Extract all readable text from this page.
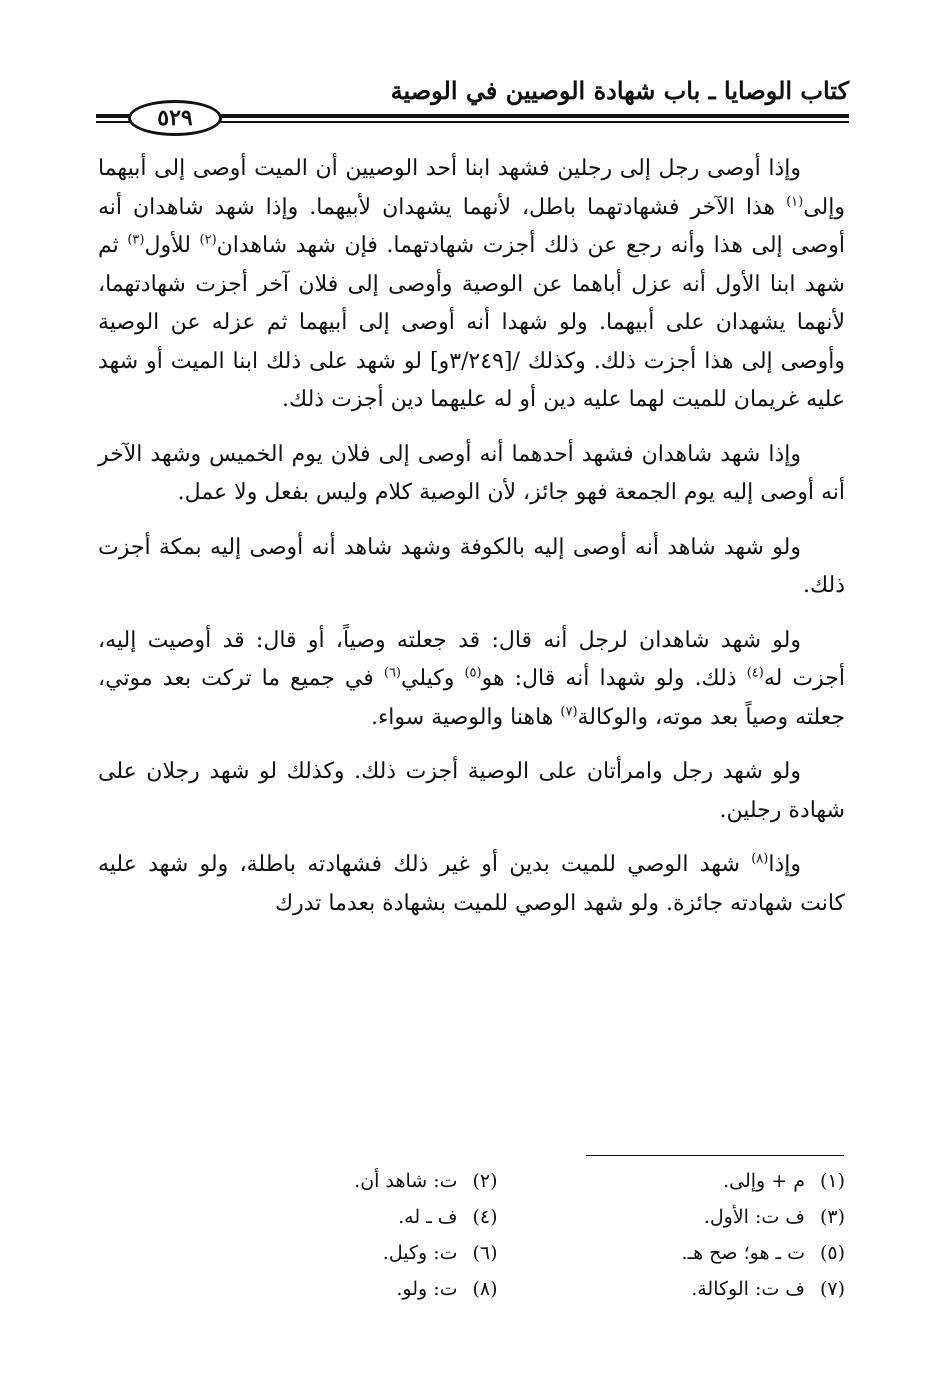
كتاب الوصايا ـ باب شهادة الوصيين في الوصية
٥٢٩

وإذا أوصى رجل إلى رجلين فشهد ابنا أحد الوصيين أن الميت أوصى إلى أبيهما وإلى$^{(١)}$ هذا الآخر فشهادتهما باطل، لأنهما يشهدان لأبيهما. وإذا شهد شاهدان أنه أوصى إلى هذا وأنه رجع عن ذلك أجزت شهادتهما. فإن شهد شاهدان$^{(٢)}$ للأول$^{(٣)}$ ثم شهد ابنا الأول أنه عزل أباهما عن الوصية وأوصى إلى فلان آخر أجزت شهادتهما، لأنهما يشهدان على أبيهما. ولو شهدا أنه أوصى إلى أبيهما ثم عزله عن الوصية وأوصى إلى هذا أجزت ذلك. وكذلك /[٣/٢٤٩و] لو شهد على ذلك ابنا الميت أو شهد عليه غريمان للميت لهما عليه دين أو له عليهما دين أجزت ذلك.

وإذا شهد شاهدان فشهد أحدهما أنه أوصى إلى فلان يوم الخميس وشهد الآخر أنه أوصى إليه يوم الجمعة فهو جائز، لأن الوصية كلام وليس بفعل ولا عمل.

ولو شهد شاهد أنه أوصى إليه بالكوفة وشهد شاهد أنه أوصى إليه بمكة أجزت ذلك.

ولو شهد شاهدان لرجل أنه قال: قد جعلته وصياً، أو قال: قد أوصيت إليه، أجزت له$^{(٤)}$ ذلك. ولو شهدا أنه قال: هو$^{(٥)}$ وكيلي$^{(٦)}$ في جميع ما تركت بعد موتي، جعلته وصياً بعد موته، والوكالة$^{(٧)}$ هاهنا والوصية سواء.

ولو شهد رجل وامرأتان على الوصية أجزت ذلك. وكذلك لو شهد رجلان على شهادة رجلين.

وإذا$^{(٨)}$ شهد الوصي للميت بدين أو غير ذلك فشهادته باطلة، ولو شهد عليه كانت شهادته جائزة. ولو شهد الوصي للميت بشهادة بعدما تدرك

(١)م + وإلى.
(٢)ت: شاهد أن.
(٣)ف ت: الأول.
(٤)ف ـ له.
(٥)ت ـ هو؛ صح هـ.
(٦)ت: وكيل.
(٧)ف ت: الوكالة.
(٨)ت: ولو.
